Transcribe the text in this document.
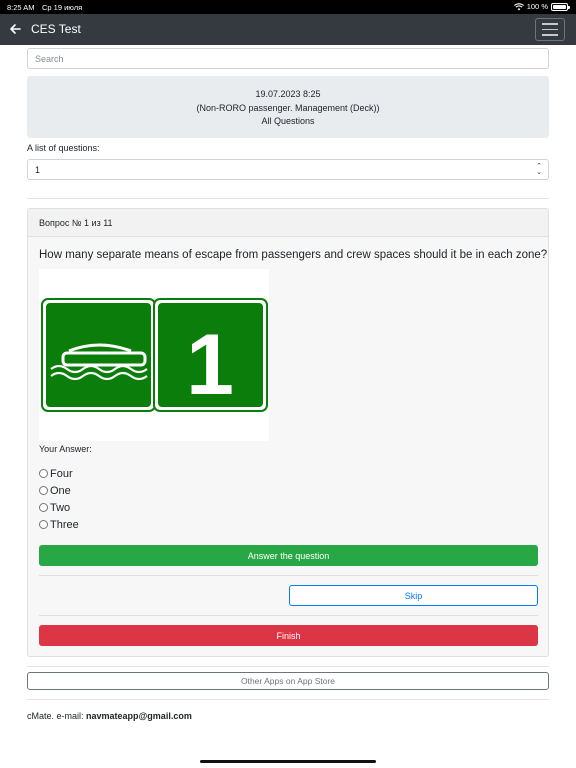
8:25 AM Ср 19 июля	100 %
CES Test
Search
19.07.2023 8:25
(Non-RORO passenger. Management (Deck))
All Questions
A list of questions:
1	⌃
⌄
Вопрос № 1 из 11
How many separate means of escape from passengers and crew spaces should it be in each zone?
1
Your Answer:
Four
One
Two
Three
Answer the question
Skip
Finish
Other Apps on App Store
cMate. e-mail: navmateapp@gmail.com
